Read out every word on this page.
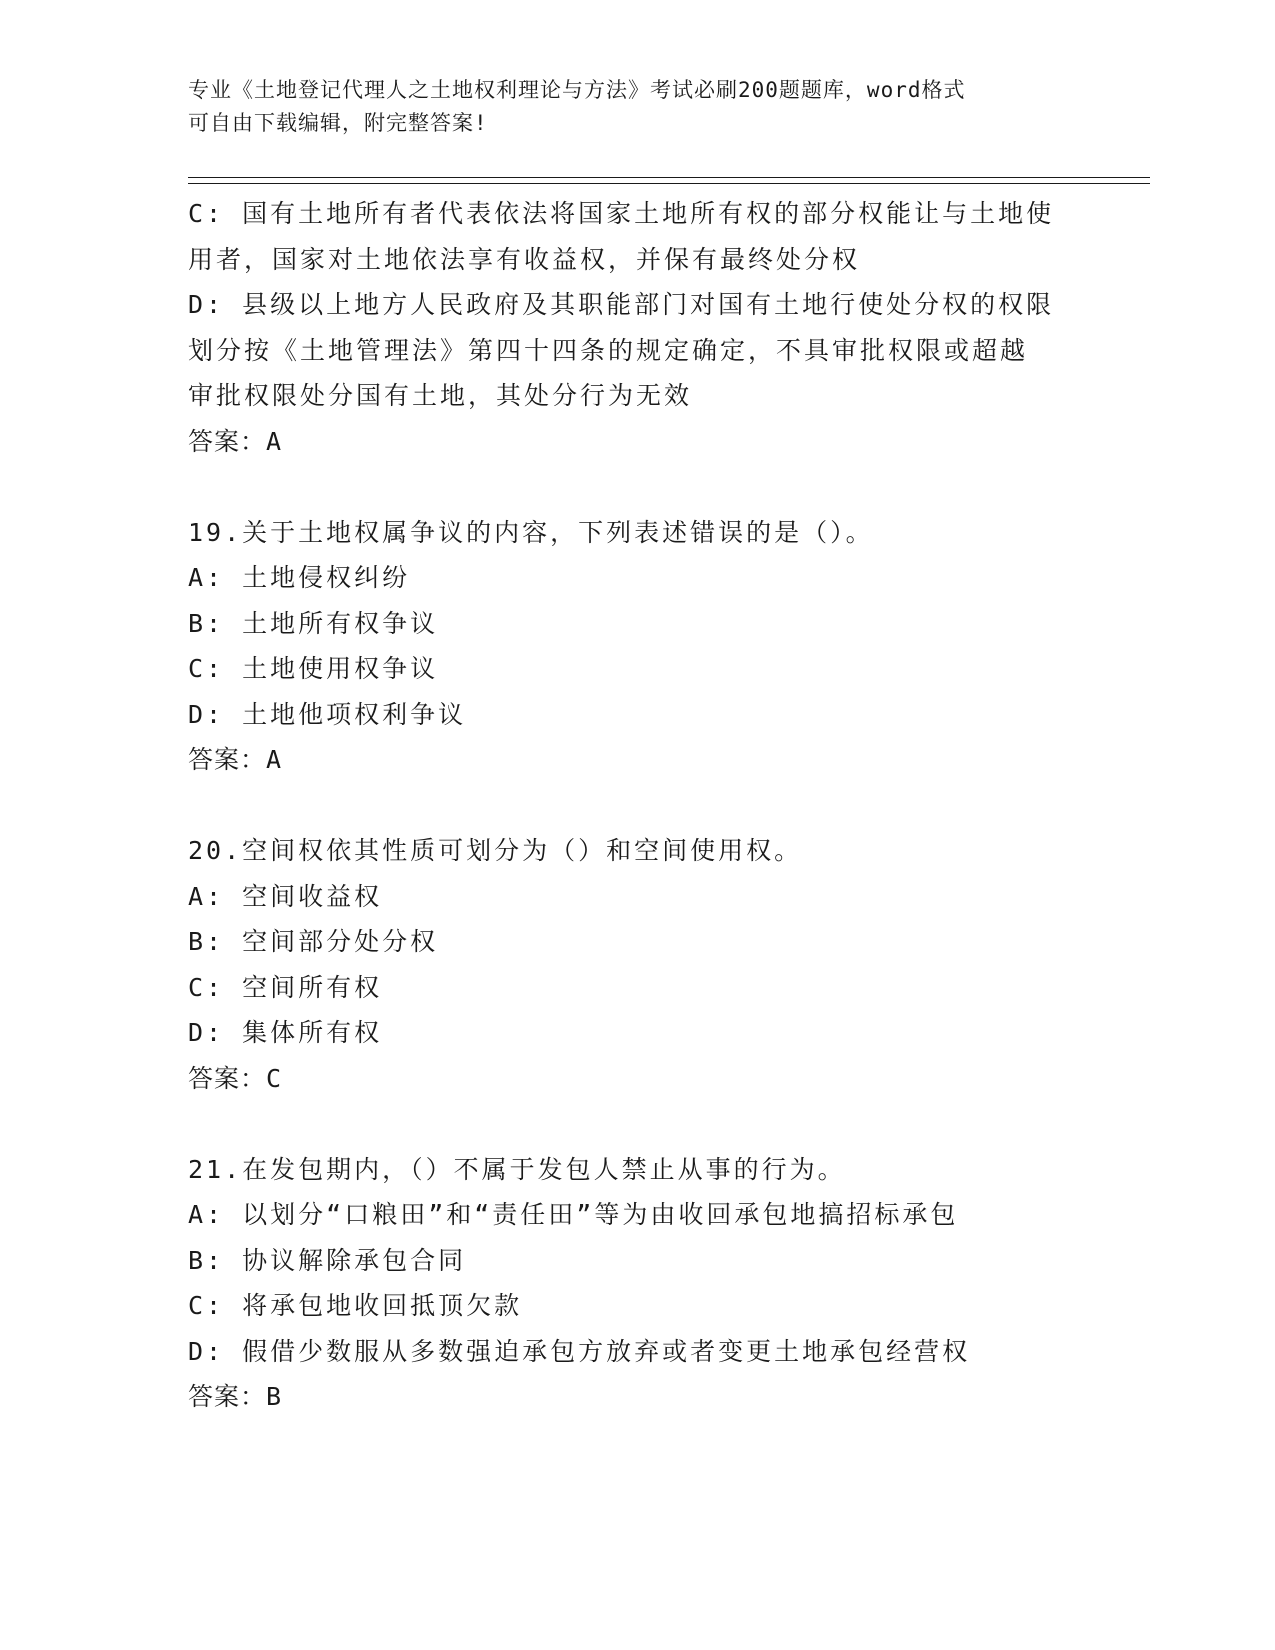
专业《土地登记代理人之土地权利理论与方法》考试必刷200题题库，word格式
可自由下载编辑，附完整答案!
C: 国有土地所有者代表依法将国家土地所有权的部分权能让与土地使
用者，国家对土地依法享有收益权，并保有最终处分权
D: 县级以上地方人民政府及其职能部门对国有土地行使处分权的权限
划分按《土地管理法》第四十四条的规定确定，不具审批权限或超越
审批权限处分国有土地，其处分行为无效
答案：A
19.关于土地权属争议的内容，下列表述错误的是（）。
A: 土地侵权纠纷
B: 土地所有权争议
C: 土地使用权争议
D: 土地他项权利争议
答案：A
20.空间权依其性质可划分为（）和空间使用权。
A: 空间收益权
B: 空间部分处分权
C: 空间所有权
D: 集体所有权
答案：C
21.在发包期内，（）不属于发包人禁止从事的行为。
A: 以划分“口粮田”和“责任田”等为由收回承包地搞招标承包
B: 协议解除承包合同
C: 将承包地收回抵顶欠款
D: 假借少数服从多数强迫承包方放弃或者变更土地承包经营权
答案：B
